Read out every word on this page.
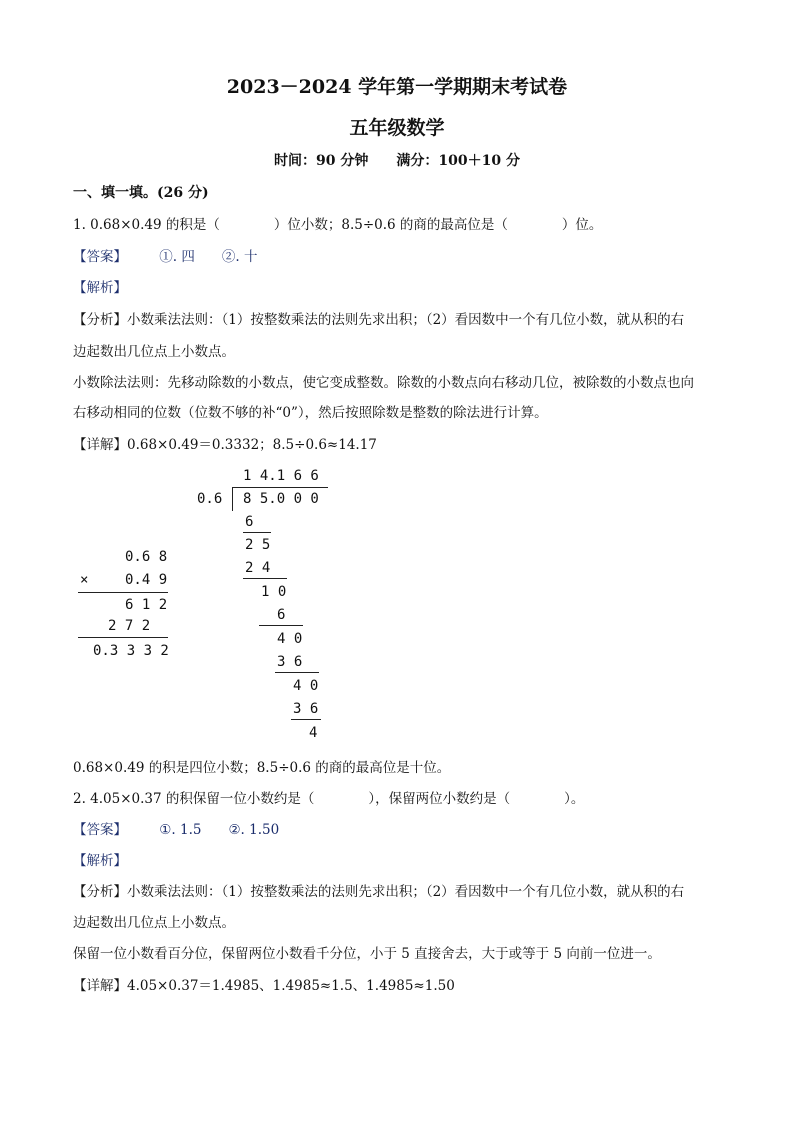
2023－2024 学年第一学期期末考试卷
五年级数学
时间：90 分钟　　满分：100＋10 分
一、填一填。(26 分)
1. 0.68×0.49 的积是（　　　　）位小数；8.5÷0.6 的商的最高位是（　　　　）位。
【答案】 ①. 四　　②. 十
【解析】
【分析】小数乘法法则：（1）按整数乘法的法则先求出积；（2）看因数中一个有几位小数，就从积的右
边起数出几位点上小数点。
小数除法法则：先移动除数的小数点，使它变成整数。除数的小数点向右移动几位，被除数的小数点也向
右移动相同的位数（位数不够的补“0”），然后按照除数是整数的除法进行计算。
【详解】0.68×0.49＝0.3332；8.5÷0.6≈14.17
0.6 8
×	0.4 9
6 1 2
2 7 2
0.3 3 3 2
1 4.1 6 6
0.6 8 5.0 0 0
6
2 5
2 4
1 0
6
4 0
3 6
4 0
3 6
4
0.68×0.49 的积是四位小数；8.5÷0.6 的商的最高位是十位。
2. 4.05×0.37 的积保留一位小数约是（　　　　），保留两位小数约是（　　　　）。
【答案】 ①. 1.5　　②. 1.50
【解析】
【分析】小数乘法法则：（1）按整数乘法的法则先求出积；（2）看因数中一个有几位小数，就从积的右
边起数出几位点上小数点。
保留一位小数看百分位，保留两位小数看千分位，小于 5 直接舍去，大于或等于 5 向前一位进一。
【详解】4.05×0.37＝1.4985、1.4985≈1.5、1.4985≈1.50
